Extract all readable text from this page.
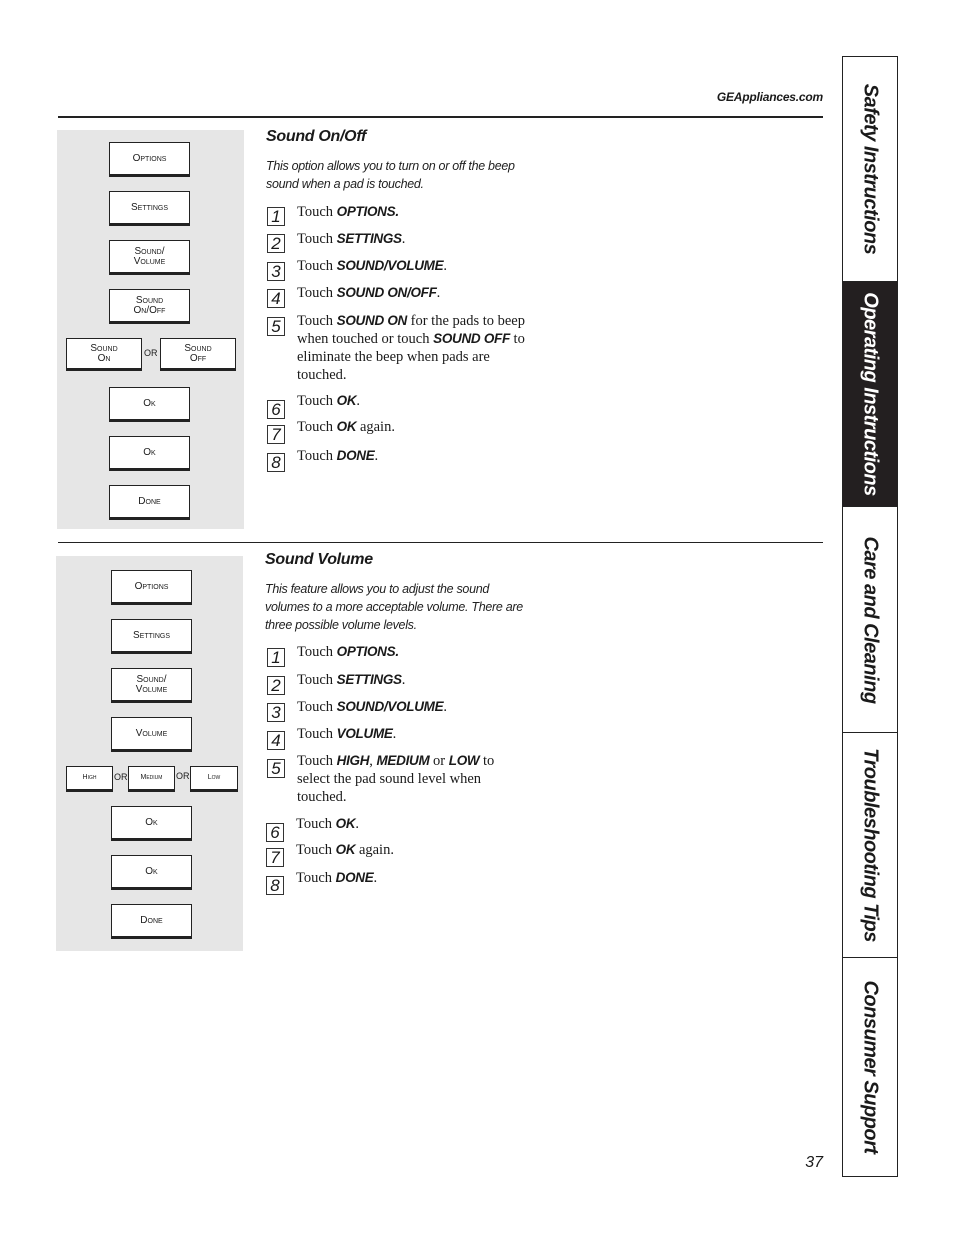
GEAppliances.com
Options
Settings
Sound/
Volume
Sound
On/Off
Sound
On	OR	Sound
Off
Ok
Ok
Done
Sound On/Off
This option allows you to turn on or off the beep
sound when a pad is touched.
1 Touch OPTIONS.
2 Touch SETTINGS.
3 Touch SOUND/VOLUME.
4 Touch SOUND ON/OFF.
5 Touch SOUND ON for the pads to beep when touched or touch SOUND OFF to eliminate the beep when pads are touched.
6 Touch OK.
7 Touch OK again.
8 Touch DONE.
Options
Settings
Sound/
Volume
Volume
High	OR	Medium	OR	Low
Ok
Ok
Done
Sound Volume
This feature allows you to adjust the sound
volumes to a more acceptable volume. There are
three possible volume levels.
1 Touch OPTIONS.
2 Touch SETTINGS.
3 Touch SOUND/VOLUME.
4 Touch VOLUME.
5 Touch HIGH, MEDIUM or LOW to select the pad sound level when touched.
6 Touch OK.
7 Touch OK again.
8 Touch DONE.
Safety Instructions
Operating Instructions
Care and Cleaning
Troubleshooting Tips
Consumer Support
37
